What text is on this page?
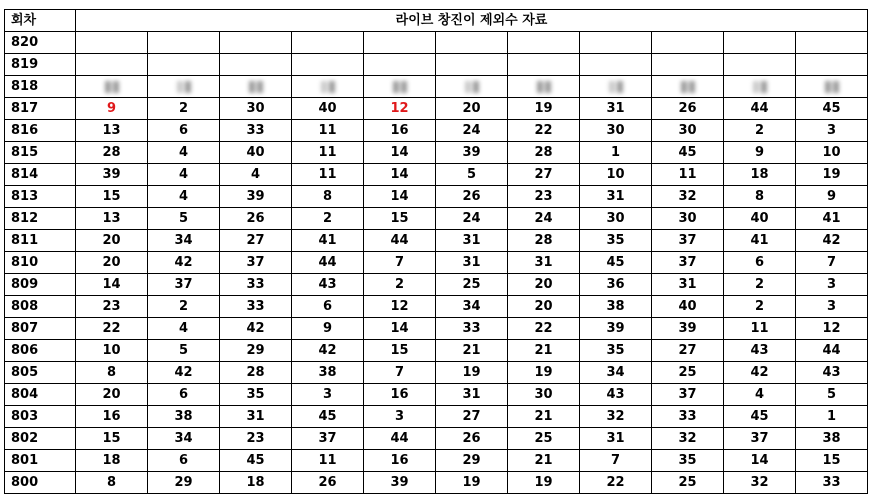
회차	라이브 창진이 제외수 자료										
820											
819											
818											
817	9	2	30	40	12	20	19	31	26	44	45
816	13	6	33	11	16	24	22	30	30	2	3
815	28	4	40	11	14	39	28	1	45	9	10
814	39	4	4	11	14	5	27	10	11	18	19
813	15	4	39	8	14	26	23	31	32	8	9
812	13	5	26	2	15	24	24	30	30	40	41
811	20	34	27	41	44	31	28	35	37	41	42
810	20	42	37	44	7	31	31	45	37	6	7
809	14	37	33	43	2	25	20	36	31	2	3
808	23	2	33	6	12	34	20	38	40	2	3
807	22	4	42	9	14	33	22	39	39	11	12
806	10	5	29	42	15	21	21	35	27	43	44
805	8	42	28	38	7	19	19	34	25	42	43
804	20	6	35	3	16	31	30	43	37	4	5
803	16	38	31	45	3	27	21	32	33	45	1
802	15	34	23	37	44	26	25	31	32	37	38
801	18	6	45	11	16	29	21	7	35	14	15
800	8	29	18	26	39	19	19	22	25	32	33
